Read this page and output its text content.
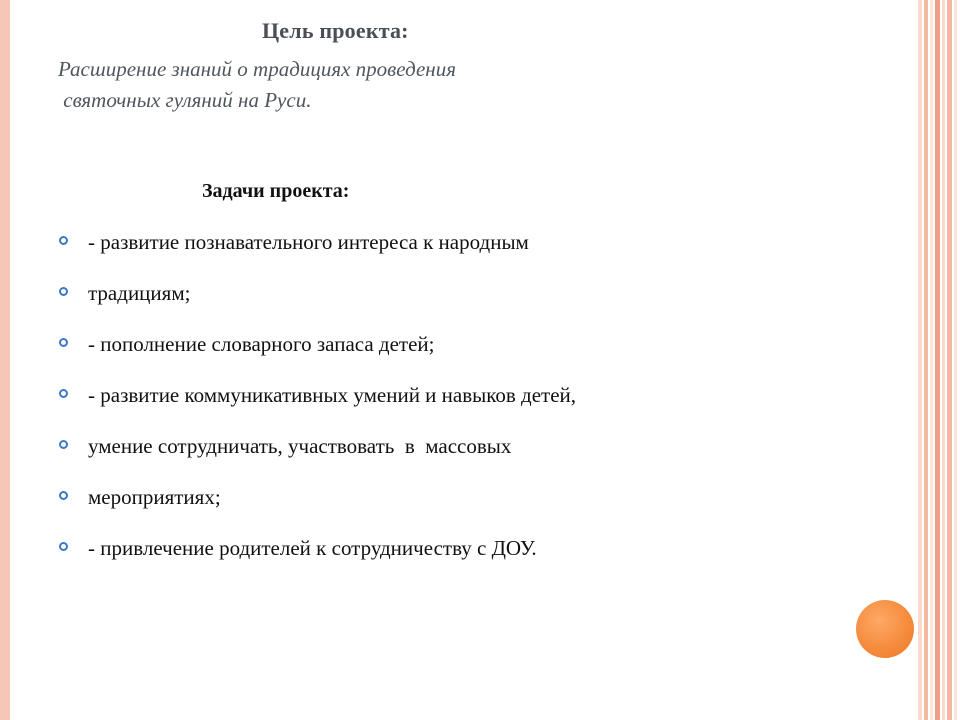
Цель проекта:
Расширение знаний о традициях проведения
святочных гуляний на Руси.
Задачи проекта:
- развитие познавательного интереса к народным
традициям;
- пополнение словарного запаса детей;
- развитие коммуникативных умений и навыков детей,
умение сотрудничать, участвовать  в  массовых
мероприятиях;
- привлечение родителей к сотрудничеству с ДОУ.
